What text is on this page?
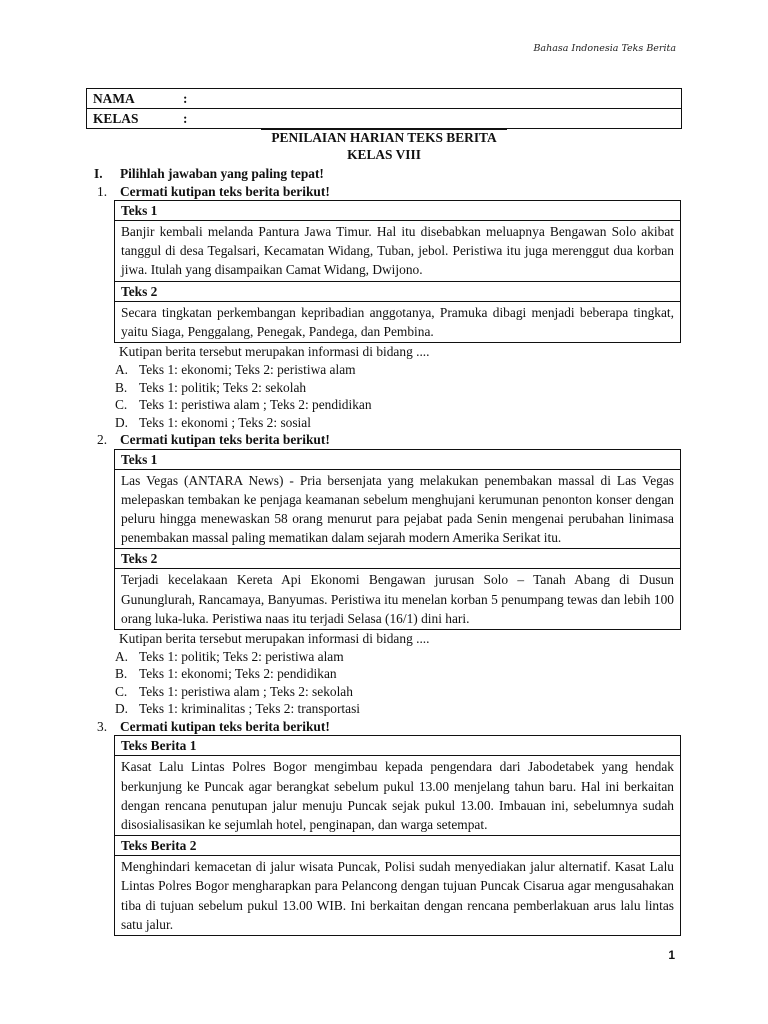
Bahasa Indonesia Teks Berita
NAMA	:
KELAS	:
PENILAIAN HARIAN TEKS BERITA
KELAS VIII
I. Pilihlah jawaban yang paling tepat!
1. Cermati kutipan teks berita berikut!
Teks 1
Banjir kembali melanda Pantura Jawa Timur. Hal itu disebabkan meluapnya Bengawan Solo akibat tanggul di desa Tegalsari, Kecamatan Widang, Tuban, jebol. Peristiwa itu juga merenggut dua korban jiwa. Itulah yang disampaikan Camat Widang, Dwijono.
Teks 2
Secara tingkatan perkembangan kepribadian anggotanya, Pramuka dibagi menjadi beberapa tingkat, yaitu Siaga, Penggalang, Penegak, Pandega, dan Pembina.
Kutipan berita tersebut merupakan informasi di bidang ....
A. Teks 1: ekonomi; Teks 2: peristiwa alam
B. Teks 1: politik; Teks 2: sekolah
C. Teks 1: peristiwa alam ; Teks 2: pendidikan
D. Teks 1: ekonomi ; Teks 2: sosial
2. Cermati kutipan teks berita berikut!
Teks 1
Las Vegas (ANTARA News) - Pria bersenjata yang melakukan penembakan massal di Las Vegas melepaskan tembakan ke penjaga keamanan sebelum menghujani kerumunan penonton konser dengan peluru hingga menewaskan 58 orang menurut para pejabat pada Senin mengenai perubahan linimasa penembakan massal paling mematikan dalam sejarah modern Amerika Serikat itu.
Teks 2
Terjadi kecelakaan Kereta Api Ekonomi Bengawan jurusan Solo – Tanah Abang di Dusun Gununglurah, Rancamaya, Banyumas. Peristiwa itu menelan korban 5 penumpang tewas dan lebih 100 orang luka-luka. Peristiwa naas itu terjadi Selasa (16/1) dini hari.
Kutipan berita tersebut merupakan informasi di bidang ....
A. Teks 1: politik; Teks 2: peristiwa alam
B. Teks 1: ekonomi; Teks 2: pendidikan
C. Teks 1: peristiwa alam ; Teks 2: sekolah
D. Teks 1: kriminalitas ; Teks 2: transportasi
3. Cermati kutipan teks berita berikut!
Teks Berita 1
Kasat Lalu Lintas Polres Bogor mengimbau kepada pengendara dari Jabodetabek yang hendak berkunjung ke Puncak agar berangkat sebelum pukul 13.00 menjelang tahun baru. Hal ini berkaitan dengan rencana penutupan jalur menuju Puncak sejak pukul 13.00. Imbauan ini, sebelumnya sudah disosialisasikan ke sejumlah hotel, penginapan, dan warga setempat.
Teks Berita 2
Menghindari kemacetan di jalur wisata Puncak, Polisi sudah menyediakan jalur alternatif. Kasat Lalu Lintas Polres Bogor mengharapkan para Pelancong dengan tujuan Puncak Cisarua agar mengusahakan tiba di tujuan sebelum pukul 13.00 WIB. Ini berkaitan dengan rencana pemberlakuan arus lalu lintas satu jalur.
1
